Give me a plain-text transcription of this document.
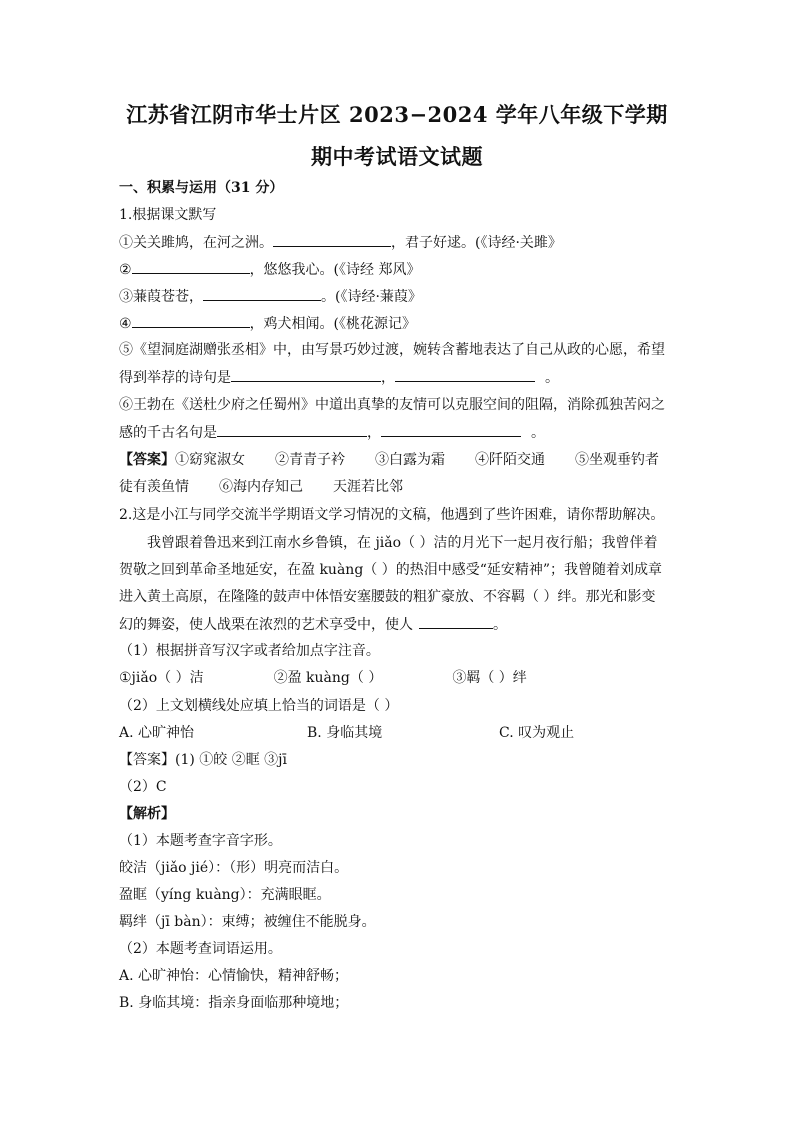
江苏省江阴市华士片区 2023−2024 学年八年级下学期
期中考试语文试题
一、积累与运用（31 分）
1.根据课文默写
①关关雎鸠，在河之洲。	，君子好逑。(《诗经·关雎》
②	，悠悠我心。(《诗经 郑风》
③蒹葭苍苍，	。(《诗经·蒹葭》
④	，鸡犬相闻。(《桃花源记》
⑤《望洞庭湖赠张丞相》中，由写景巧妙过渡，婉转含蓄地表达了自己从政的心愿，希望
得到举荐的诗句是	，	。
⑥王勃在《送杜少府之任蜀州》中道出真挚的友情可以克服空间的阻隔，消除孤独苦闷之
感的千古名句是	，	。
【答案】①窈窕淑女 ②青青子衿 ③白露为霜 ④阡陌交通 ⑤坐观垂钓者
徒有羡鱼情 ⑥海内存知己 天涯若比邻
2.这是小江与同学交流半学期语文学习情况的文稿，他遇到了些许困难，请你帮助解决。
我曾跟着鲁迅来到江南水乡鲁镇，在 jiǎo（ ）洁的月光下一起月夜行船；我曾伴着
贺敬之回到革命圣地延安，在盈 kuàng（ ）的热泪中感受“延安精神”；我曾随着刘成章
进入黄土高原，在隆隆的鼓声中体悟安塞腰鼓的粗犷豪放、不容羁（ ）绊。那光和影变
幻的舞姿，使人战栗在浓烈的艺术享受中，使人	。
（1）根据拼音写汉字或者给加点字注音。
①jiǎo（ ）洁	②盈 kuàng（ ）	③羁（ ）绊
（2）上文划横线处应填上恰当的词语是（ ）
A. 心旷神怡	B. 身临其境	C. 叹为观止
【答案】(1) ①皎 ②眶 ③jī
（2）C
【解析】
（1）本题考查字音字形。
皎洁（jiǎo jié）：（形）明亮而洁白。
盈眶（yíng kuàng）：充满眼眶。
羁绊（jī bàn）：束缚；被缠住不能脱身。
（2）本题考查词语运用。
A. 心旷神怡：心情愉快，精神舒畅；
B. 身临其境：指亲身面临那种境地；
